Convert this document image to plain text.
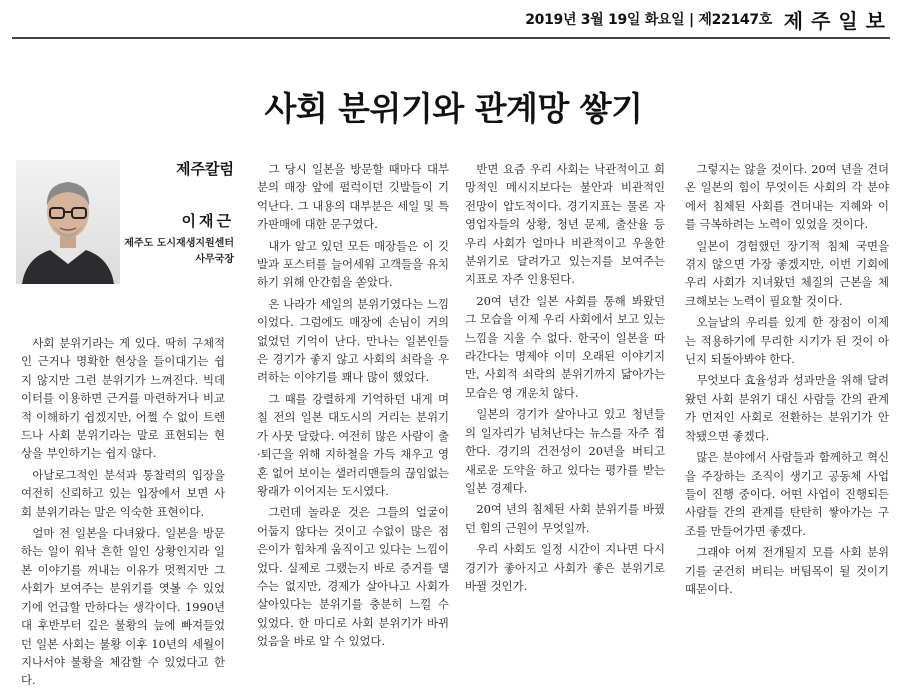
2019년 3월 19일 화요일 | 제22147호 제주일보
사회 분위기와 관계망 쌓기
제주칼럼
이재근
제주도 도시재생지원센터
사무국장

사회 분위기라는 게 있다. 딱히 구체적인 근거나 명확한 현상을 들이대기는 쉽지 않지만 그런 분위기가 느껴진다. 빅데이터를 이용하면 근거를 마련하거나 비교적 이해하기 쉽겠지만, 어쩔 수 없이 트렌드나 사회 분위기라는 말로 표현되는 현상을 부인하기는 쉽지 않다.

아날로그적인 분석과 통찰력의 입장을 여전히 신뢰하고 있는 입장에서 보면 사회 분위기라는 말은 익숙한 표현이다.

얼마 전 일본을 다녀왔다. 일본을 방문하는 일이 워낙 흔한 일인 상황인지라 일본 이야기를 꺼내는 이유가 멋쩍지만 그 사회가 보여주는 분위기를 엿볼 수 있었기에 언급할 만하다는 생각이다. 1990년대 후반부터 깊은 불황의 늪에 빠져들었던 일본 사회는 불황 이후 10년의 세월이 지나서야 불황을 체감할 수 있었다고 한다.

그 당시 일본을 방문할 때마다 대부분의 매장 앞에 펄럭이던 깃발들이 기억난다. 그 내용의 대부분은 세일 및 특가판매에 대한 문구였다.

내가 알고 있던 모든 매장들은 이 깃발과 포스터를 늘어세워 고객들을 유치하기 위해 안간힘을 쏟았다.

온 나라가 세일의 분위기였다는 느낌이었다. 그럼에도 매장에 손님이 거의 없었던 기억이 난다. 만나는 일본인들은 경기가 좋지 않고 사회의 쇠락을 우려하는 이야기를 꽤나 많이 했었다.

그 때를 강렬하게 기억하던 내게 며칠 전의 일본 대도시의 거리는 분위기가 사뭇 달랐다. 여전히 많은 사람이 출·퇴근을 위해 지하철을 가득 채우고 영혼 없어 보이는 샐러리맨들의 끊임없는 왕래가 이어지는 도시였다.

그런데 놀라운 것은 그들의 얼굴이 어둡지 않다는 것이고 수없이 많은 점은이가 힘차게 움직이고 있다는 느낌이었다. 실제로 그랬는지 바로 증거를 댈 수는 없지만, 경제가 살아나고 사회가 살아있다는 분위기를 충분히 느낄 수 있었다. 한 마디로 사회 분위기가 바뀌었음을 바로 알 수 있었다.

반면 요즘 우리 사회는 낙관적이고 희망적인 메시지보다는 불안과 비관적인 전망이 압도적이다. 경기지표는 물론 자영업자들의 상황, 청년 문제, 출산율 등 우리 사회가 얼마나 비관적이고 우울한 분위기로 달려가고 있는지를 보여주는 지표로 자주 인용된다.

20여 년간 일본 사회를 통해 봐왔던 그 모습을 이제 우리 사회에서 보고 있는 느낌을 지울 수 없다. 한국이 일본을 따라간다는 명제야 이미 오래된 이야기지만, 사회적 쇠락의 분위기까지 닮아가는 모습은 영 개운치 않다.

일본의 경기가 살아나고 있고 청년들의 일자리가 넘쳐난다는 뉴스를 자주 접한다. 경기의 건전성이 20년을 버티고 새로운 도약을 하고 있다는 평가를 받는 일본 경제다.

20여 년의 침체된 사회 분위기를 바꿨던 힘의 근원이 무엇일까.

우리 사회도 일정 시간이 지나면 다시 경기가 좋아지고 사회가 좋은 분위기로 바뀔 것인가.

그렇지는 않을 것이다. 20여 년을 견뎌온 일본의 힘이 무엇이든 사회의 각 분야에서 침체된 사회를 견뎌내는 지혜와 이를 극복하려는 노력이 있었을 것이다.

일본이 경험했던 장기적 침체 국면을 겪지 않으면 가장 좋겠지만, 이번 기회에 우리 사회가 지녀왔던 체질의 근본을 체크해보는 노력이 필요할 것이다.

오늘날의 우리를 있게 한 장점이 이제는 적용하기에 무리한 시기가 된 것이 아닌지 되돌아봐야 한다.

무엇보다 효율성과 성과만을 위해 달려왔던 사회 분위기 대신 사람들 간의 관계가 먼저인 사회로 전환하는 분위기가 안착됐으면 좋겠다.

많은 분야에서 사람들과 함께하고 혁신을 주장하는 조직이 생기고 공동체 사업들이 진행 중이다. 어떤 사업이 진행되든 사람들 간의 관계를 탄탄히 쌓아가는 구조를 만들어가면 좋겠다.

그래야 어찌 전개될지 모를 사회 분위기를 굳건히 버티는 버팀목이 될 것이기 때문이다.
